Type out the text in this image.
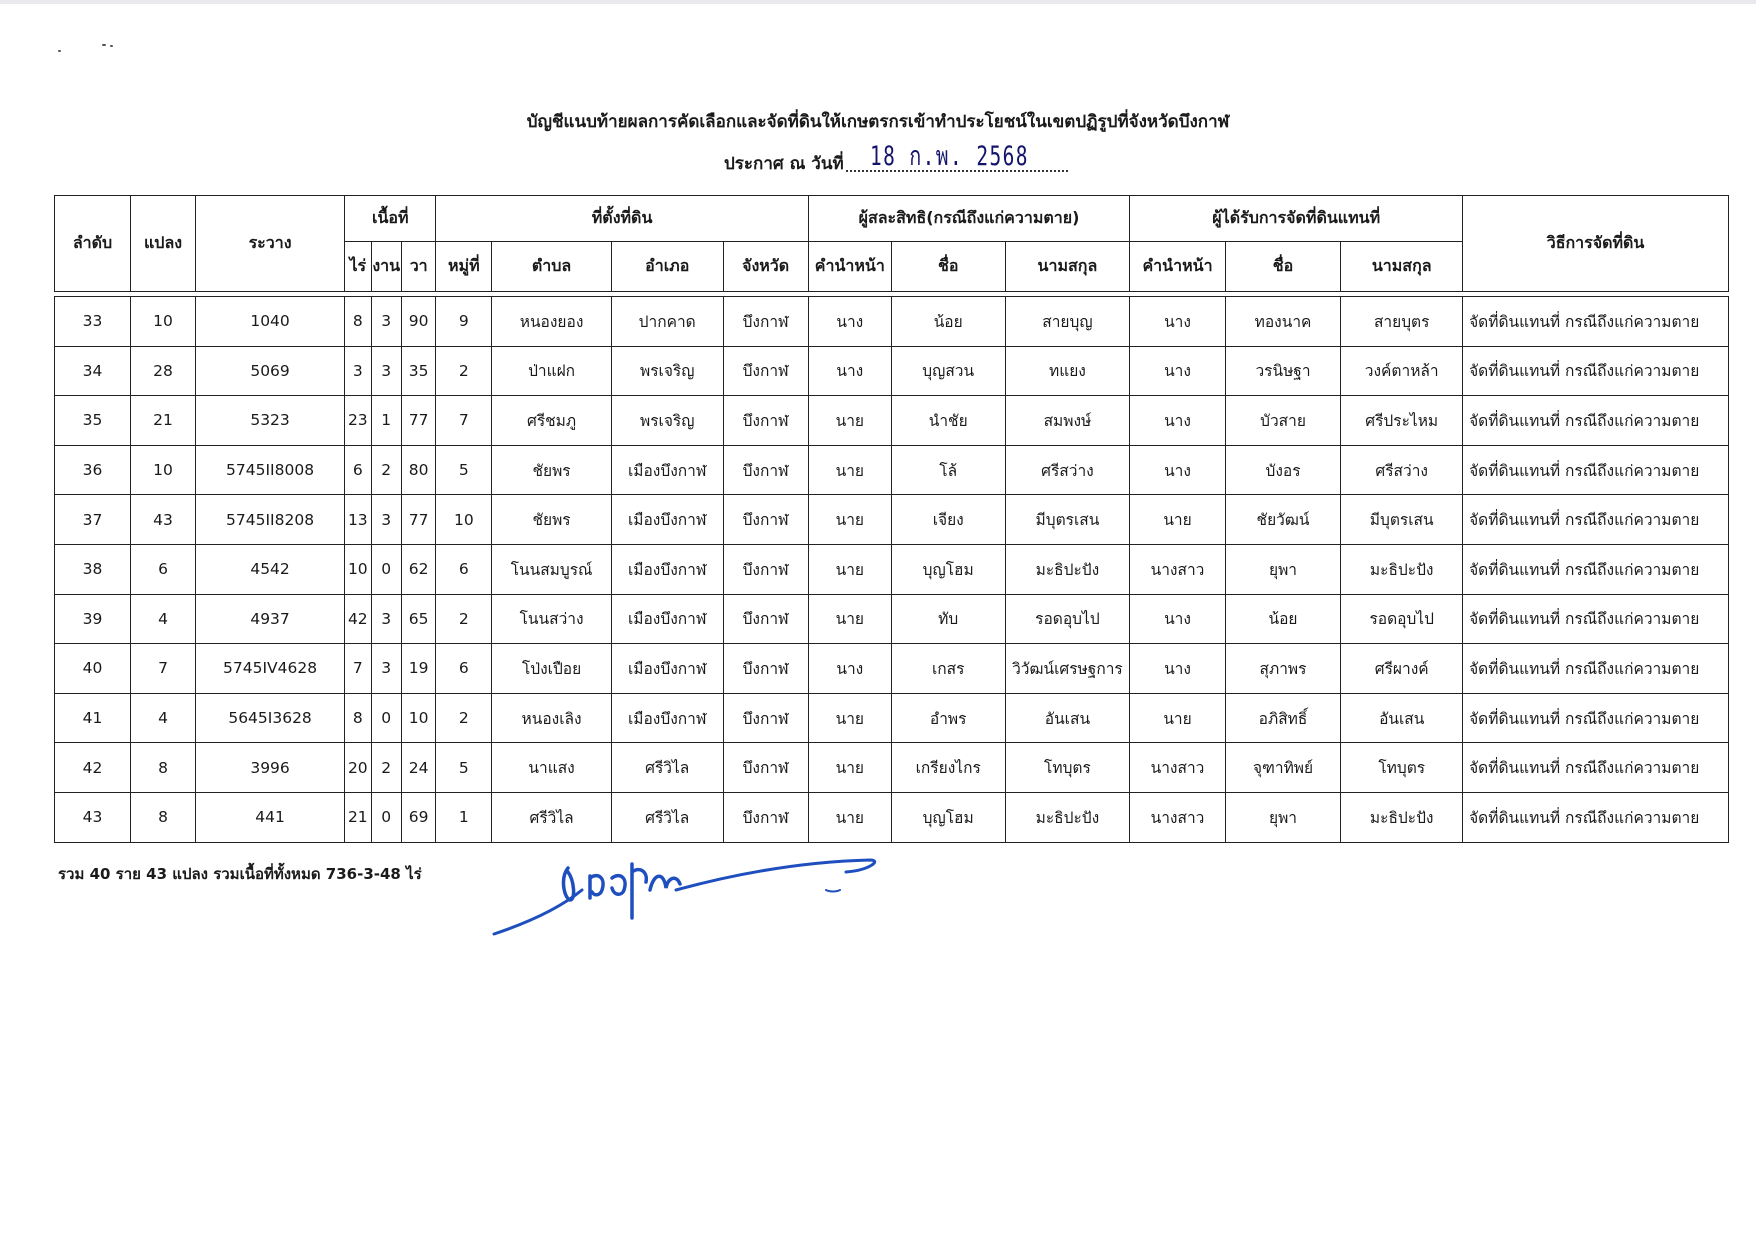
บัญชีแนบท้ายผลการคัดเลือกและจัดที่ดินให้เกษตรกรเข้าทำประโยชน์ในเขตปฏิรูปที่จังหวัดบึงกาฬ
ประกาศ ณ วันที่ 18 ก.พ. 2568
ลำดับ	แปลง	ระวาง	เนื้อที่			ที่ตั้งที่ดิน				ผู้สละสิทธิ(กรณีถึงแก่ความตาย)			ผู้ได้รับการจัดที่ดินแทนที่			วิธีการจัดที่ดิน
			ไร่	งาน	วา	หมู่ที่	ตำบล	อำเภอ	จังหวัด	คำนำหน้า	ชื่อ	นามสกุล	คำนำหน้า	ชื่อ	นามสกุล	

33	10	1040	8	3	90	9	หนองยอง	ปากคาด	บึงกาฬ	นาง	น้อย	สายบุญ	นาง	ทองนาค	สายบุตร	จัดที่ดินแทนที่ กรณีถึงแก่ความตาย
34	28	5069	3	3	35	2	ป่าแฝก	พรเจริญ	บึงกาฬ	นาง	บุญสวน	ทแยง	นาง	วรนิษฐา	วงค์ตาหล้า	จัดที่ดินแทนที่ กรณีถึงแก่ความตาย
35	21	5323	23	1	77	7	ศรีชมภู	พรเจริญ	บึงกาฬ	นาย	นำชัย	สมพงษ์	นาง	บัวสาย	ศรีประไหม	จัดที่ดินแทนที่ กรณีถึงแก่ความตาย
36	10	5745II8008	6	2	80	5	ชัยพร	เมืองบึงกาฬ	บึงกาฬ	นาย	โล้	ศรีสว่าง	นาง	บังอร	ศรีสว่าง	จัดที่ดินแทนที่ กรณีถึงแก่ความตาย
37	43	5745II8208	13	3	77	10	ชัยพร	เมืองบึงกาฬ	บึงกาฬ	นาย	เจียง	มีบุตรเสน	นาย	ชัยวัฒน์	มีบุตรเสน	จัดที่ดินแทนที่ กรณีถึงแก่ความตาย
38	6	4542	10	0	62	6	โนนสมบูรณ์	เมืองบึงกาฬ	บึงกาฬ	นาย	บุญโฮม	มะธิปะปัง	นางสาว	ยุพา	มะธิปะปัง	จัดที่ดินแทนที่ กรณีถึงแก่ความตาย
39	4	4937	42	3	65	2	โนนสว่าง	เมืองบึงกาฬ	บึงกาฬ	นาย	ทับ	รอดอุบไป	นาง	น้อย	รอดอุบไป	จัดที่ดินแทนที่ กรณีถึงแก่ความตาย
40	7	5745IV4628	7	3	19	6	โป่งเปือย	เมืองบึงกาฬ	บึงกาฬ	นาง	เกสร	วิวัฒน์เศรษฐการ	นาง	สุภาพร	ศรีผางค์	จัดที่ดินแทนที่ กรณีถึงแก่ความตาย
41	4	5645I3628	8	0	10	2	หนองเลิง	เมืองบึงกาฬ	บึงกาฬ	นาย	อำพร	อันเสน	นาย	อภิสิทธิ์	อันเสน	จัดที่ดินแทนที่ กรณีถึงแก่ความตาย
42	8	3996	20	2	24	5	นาแสง	ศรีวิไล	บึงกาฬ	นาย	เกรียงไกร	โทบุตร	นางสาว	จุฑาทิพย์	โทบุตร	จัดที่ดินแทนที่ กรณีถึงแก่ความตาย
43	8	441	21	0	69	1	ศรีวิไล	ศรีวิไล	บึงกาฬ	นาย	บุญโฮม	มะธิปะปัง	นางสาว	ยุพา	มะธิปะปัง	จัดที่ดินแทนที่ กรณีถึงแก่ความตาย
รวม 40 ราย 43 แปลง รวมเนื้อที่ทั้งหมด 736-3-48 ไร่
